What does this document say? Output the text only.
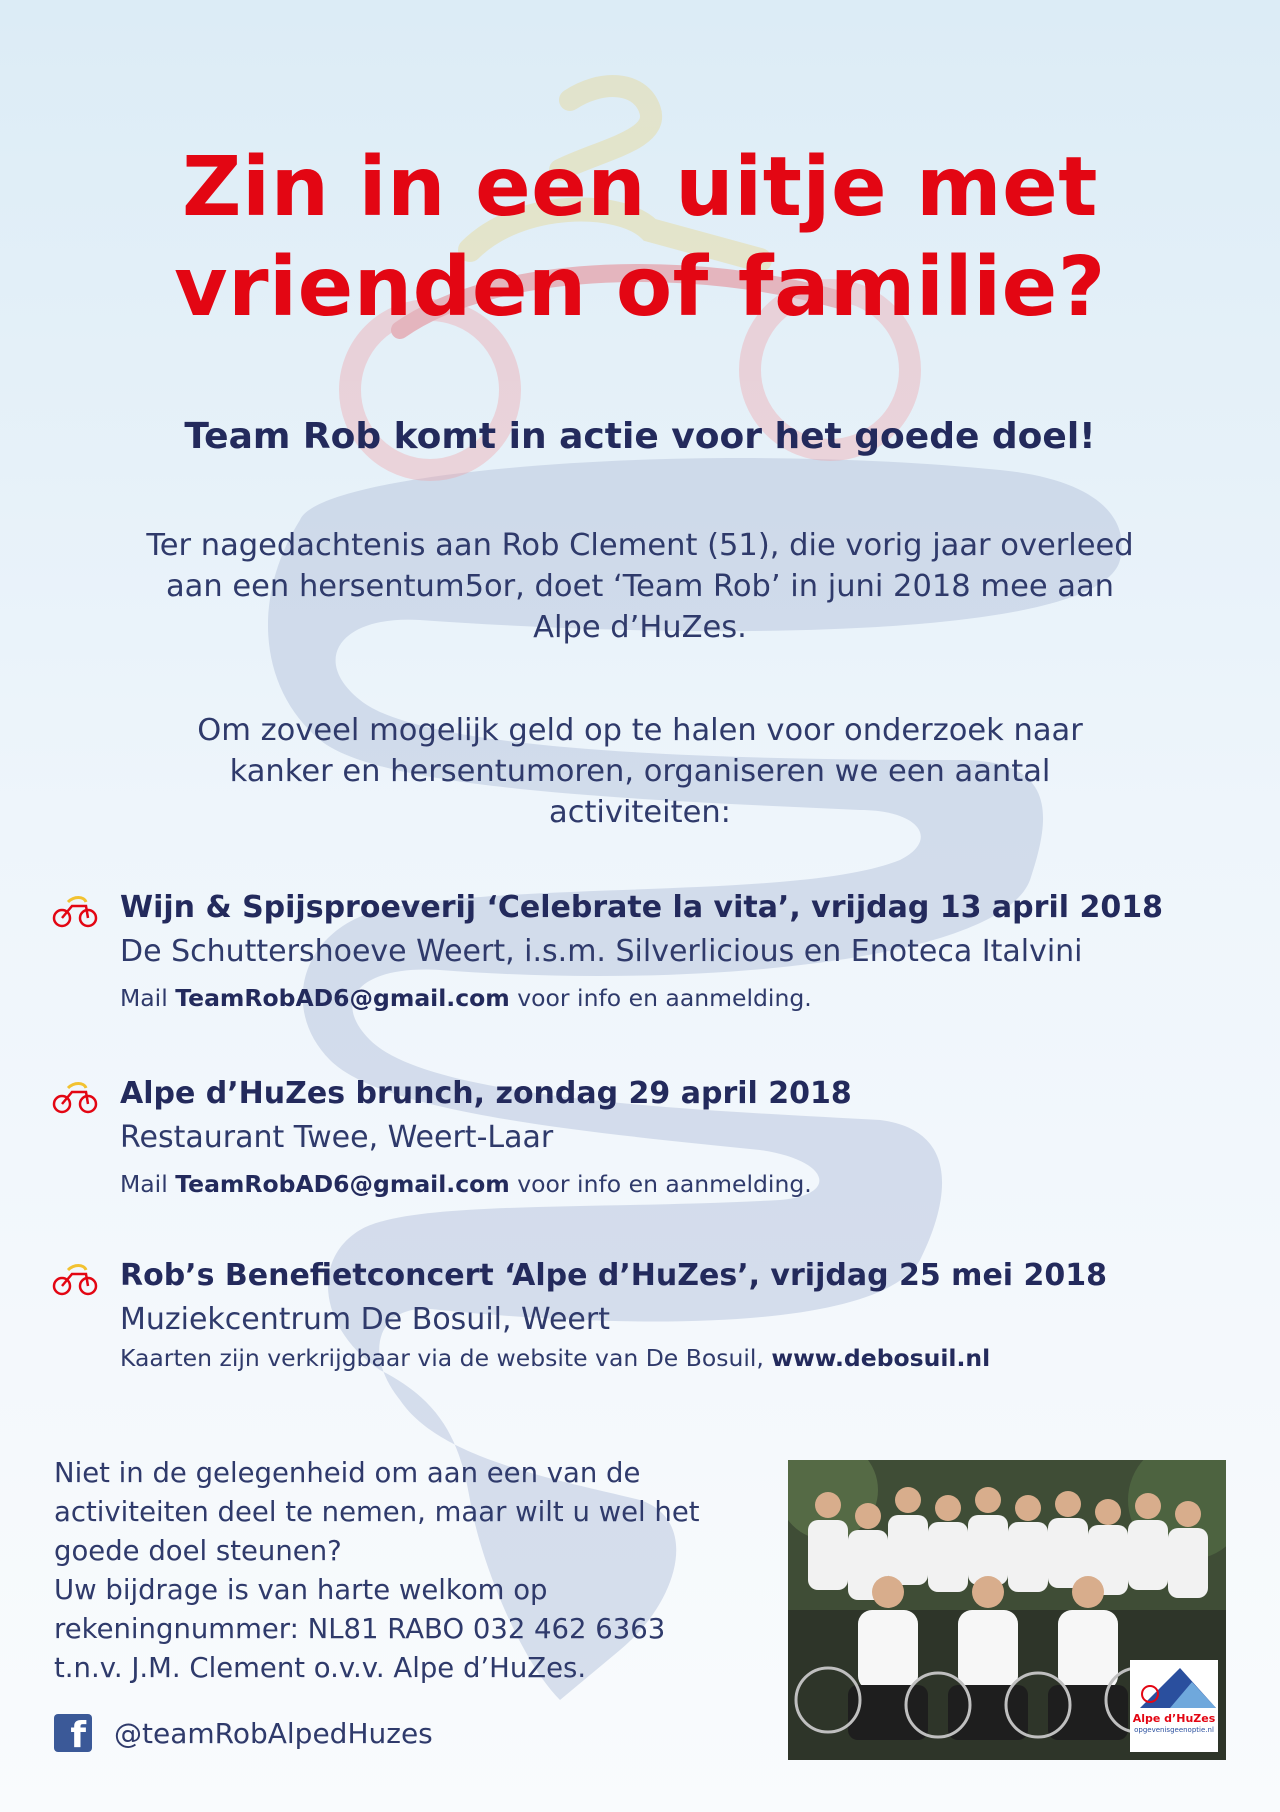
Zin in een uitje met
vrienden of familie?
Team Rob komt in actie voor het goede doel!
Ter nagedachtenis aan Rob Clement (51), die vorig jaar overleed
aan een hersentum5or, doet ‘Team Rob’ in juni 2018 mee aan
Alpe d’HuZes.
Om zoveel mogelijk geld op te halen voor onderzoek naar
kanker en hersentumoren, organiseren we een aantal
activiteiten:
Wijn & Spijsproeverij ‘Celebrate la vita’, vrijdag 13 april 2018
De Schuttershoeve Weert, i.s.m. Silverlicious en Enoteca Italvini
Mail TeamRobAD6@gmail.com voor info en aanmelding.
Alpe d’HuZes brunch, zondag 29 april 2018
Restaurant Twee, Weert-Laar
Mail TeamRobAD6@gmail.com voor info en aanmelding.
Rob’s Benefietconcert ‘Alpe d’HuZes’, vrijdag 25 mei 2018
Muziekcentrum De Bosuil, Weert
Kaarten zijn verkrijgbaar via de website van De Bosuil, www.debosuil.nl
Niet in de gelegenheid om aan een van de
activiteiten deel te nemen, maar wilt u wel het
goede doel steunen?
Uw bijdrage is van harte welkom op
rekeningnummer: NL81 RABO 032 462 6363
t.n.v. J.M. Clement o.v.v. Alpe d’HuZes.
f @teamRobAlpedHuzes	Alpe d’HuZes
opgevenisgeenoptie.nl
